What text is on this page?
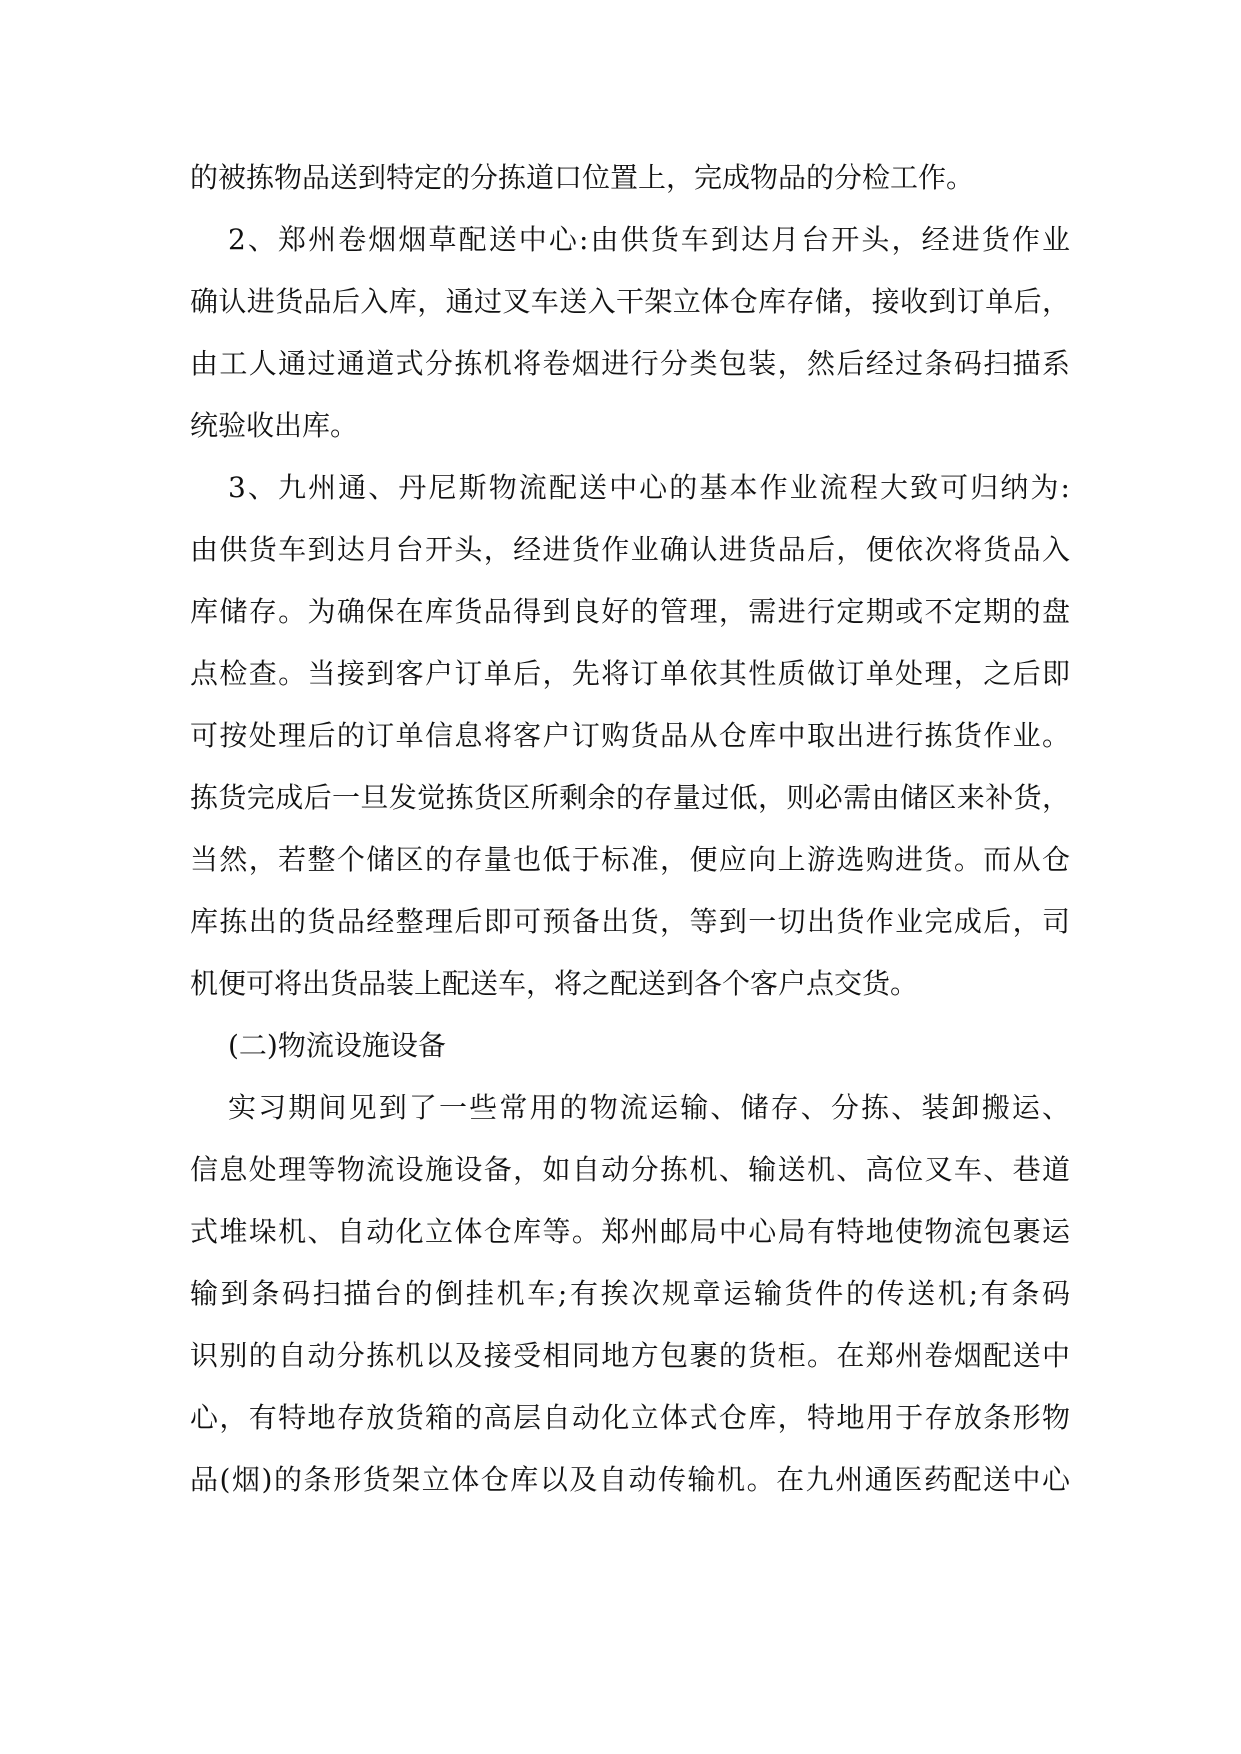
的被拣物品送到特定的分拣道口位置上，完成物品的分检工作。
2、郑州卷烟烟草配送中心:由供货车到达月台开头，经进货作业
确认进货品后入库，通过叉车送入干架立体仓库存储，接收到订单后，
由工人通过通道式分拣机将卷烟进行分类包装，然后经过条码扫描系
统验收出库。
3、九州通、丹尼斯物流配送中心的基本作业流程大致可归纳为:
由供货车到达月台开头，经进货作业确认进货品后，便依次将货品入
库储存。为确保在库货品得到良好的管理，需进行定期或不定期的盘
点检查。当接到客户订单后，先将订单依其性质做订单处理，之后即
可按处理后的订单信息将客户订购货品从仓库中取出进行拣货作业。
拣货完成后一旦发觉拣货区所剩余的存量过低，则必需由储区来补货，
当然，若整个储区的存量也低于标准，便应向上游选购进货。而从仓
库拣出的货品经整理后即可预备出货，等到一切出货作业完成后，司
机便可将出货品装上配送车，将之配送到各个客户点交货。
(二)物流设施设备
实习期间见到了一些常用的物流运输、储存、分拣、装卸搬运、
信息处理等物流设施设备，如自动分拣机、输送机、高位叉车、巷道
式堆垛机、自动化立体仓库等。郑州邮局中心局有特地使物流包裹运
输到条码扫描台的倒挂机车;有挨次规章运输货件的传送机;有条码
识别的自动分拣机以及接受相同地方包裹的货柜。在郑州卷烟配送中
心，有特地存放货箱的高层自动化立体式仓库，特地用于存放条形物
品(烟)的条形货架立体仓库以及自动传输机。在九州通医药配送中心
